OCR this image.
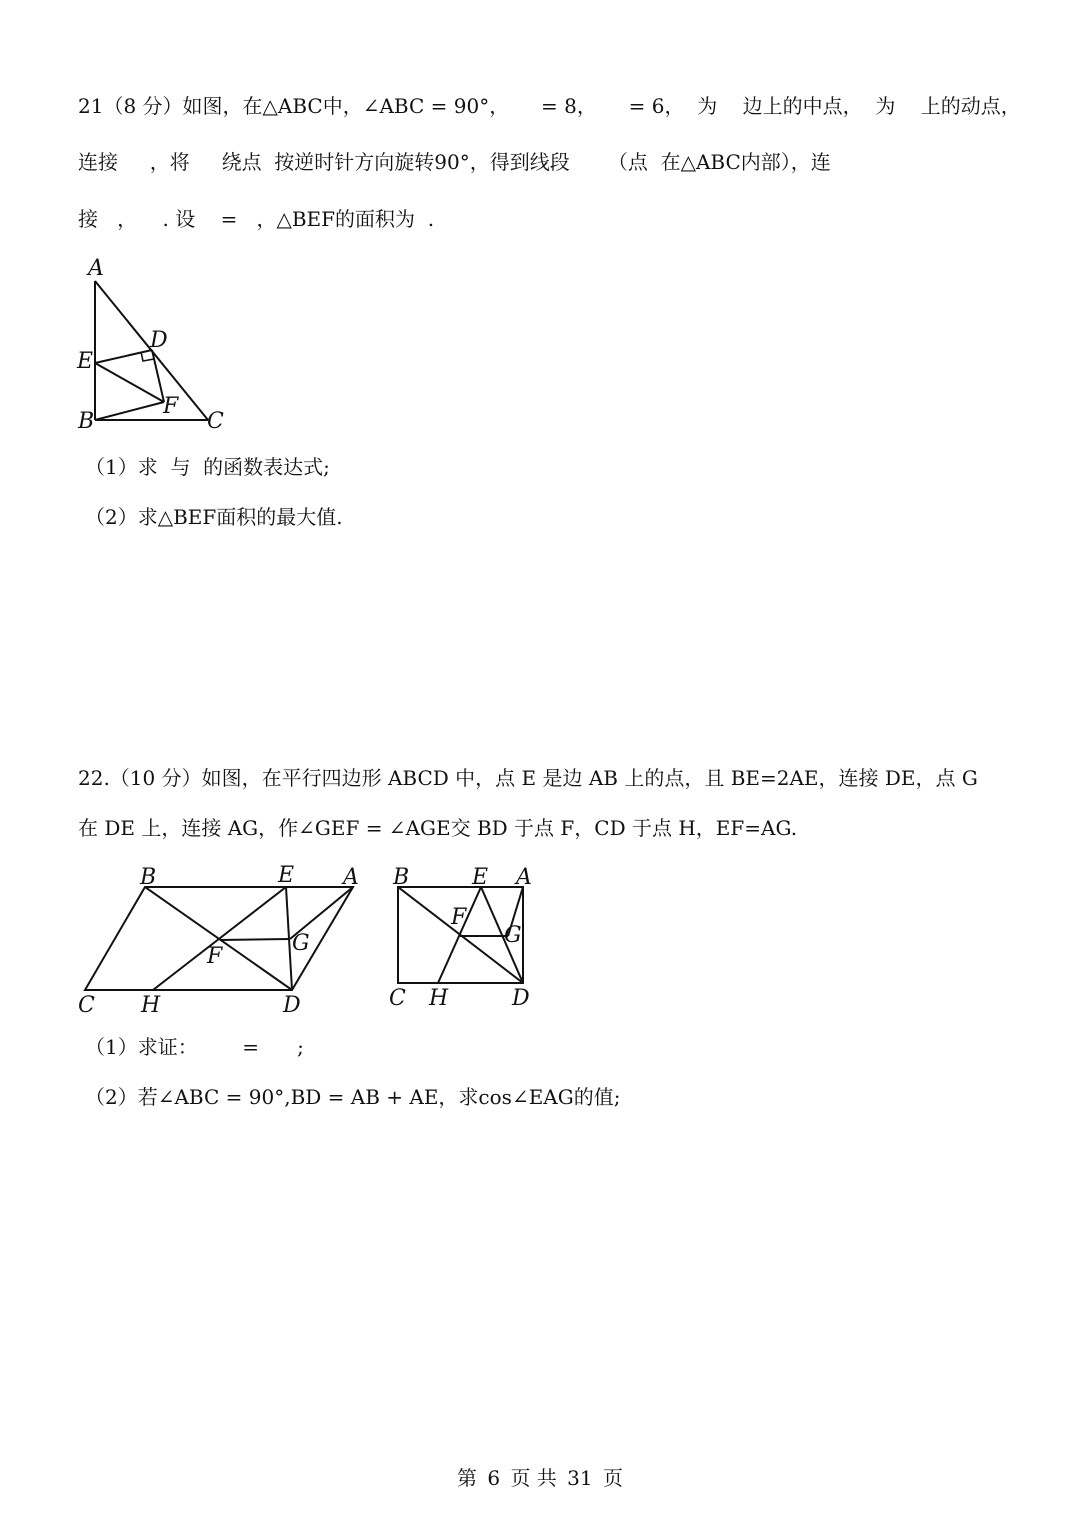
21（8 分）如图，在△ABC中，∠ABC = 90°，     = 8，     = 6，  为    边上的中点，  为    上的动点，
连接     ，将     绕点  按逆时针方向旋转90°，得到线段      （点  在△ABC内部），连
接   ，    . 设    =   ，△BEF的面积为  .
A
D
E
F
B	C
（1）求  与  的函数表达式;
（2）求△BEF面积的最大值.
22.（10 分）如图，在平行四边形 ABCD 中，点 E 是边 AB 上的点，且 BE=2AE，连接 DE，点 G
在 DE 上，连接 AG，作∠GEF = ∠AGE交 BD 于点 F，CD 于点 H，EF=AG.
B	E A
G
F
C H	D
B	E A
F
G
C H	D
（1）求证：       =      ;
（2）若∠ABC = 90°,BD = AB + AE，求cos∠EAG的值;
第 6 页 共 31 页
